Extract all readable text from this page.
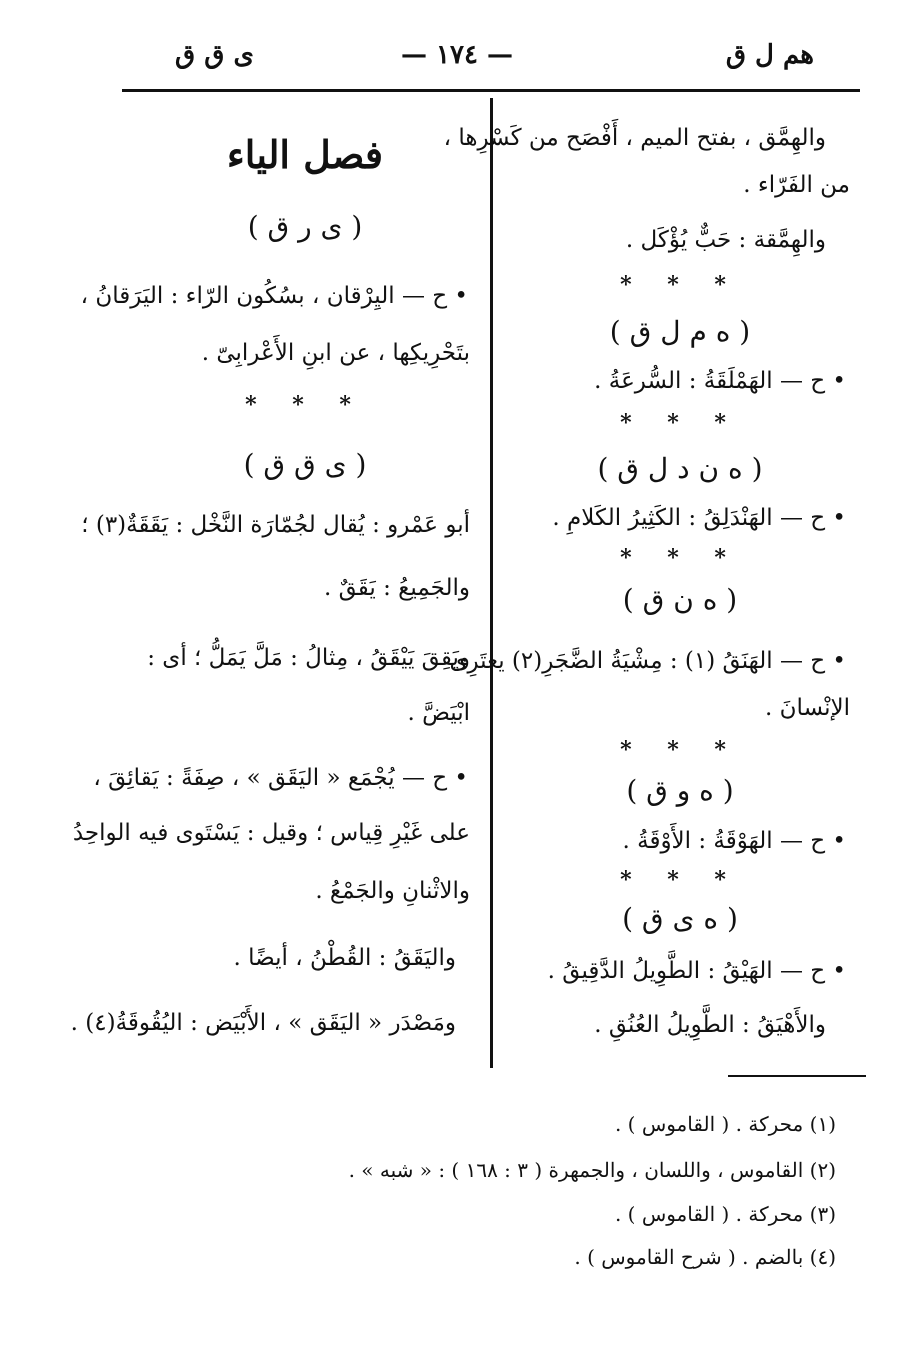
هم ل ق
— ١٧٤ —
ى ق ق
والهِمَّق ، بفتح الميم ، أَفْصَح من كَسْرِها ،
من الفَرّاء .
والهِمَّقة : حَبٌّ يُؤْكَل .
* * *
( ه م ل ق )
• ح — الهَمْلَقَةُ : السُّرعَةُ .
* * *
( ه ن د ل ق )
• ح — الهَنْدَلِقُ : الكَثِيرُ الكَلامِ .
* * *
( ه ن ق )
• ح — الهَنَقُ (١) : مِشْيَةُ الضَّجَرِ(٢) يعتَرِى
الإنْسانَ .
* * *
( ه و ق )
• ح — الهَوْقَةُ : الأَوْقَةُ .
* * *
( ه ى ق )
• ح — الهَيْقُ : الطَّوِيلُ الدَّقِيقُ .
والأَهْيَقُ : الطَّوِيلُ العُنُقِ .
فصل الياء
( ى ر ق )
• ح — اليِرْقان ، بسُكُون الرّاء : اليَرَقانُ ،
بتَحْرِيكِها ، عن ابنِ الأَعْرابِىّ .
* * *
( ى ق ق )
أبو عَمْرو : يُقال لجُمّارَة النَّخْل : يَقَقَةٌ(٣) ؛
والجَمِيعُ : يَقَقٌ .
ويَقِقَ يَيْقَقُ ، مِثالُ : مَلَّ يَمَلُّ ؛ أى :
ابْيَضَّ .
• ح — يُجْمَع « اليَقَق » ، صِفَةً : يَقائِقَ ،
على غَيْرِ قِياس ؛ وقيل : يَسْتَوى فيه الواحِدُ
والاثْنانِ والجَمْعُ .
واليَقَقُ : القُطْنُ ، أيضًا .
ومَصْدَر « اليَقَق » ، الأَبْيَض : اليُقُوقَةُ(٤) .
(١) محركة . ( القاموس ) .
(٢) القاموس ، واللسان ، والجمهرة ( ٣ : ١٦٨ ) : « شبه » .
(٣) محركة . ( القاموس ) .
(٤) بالضم . ( شرح القاموس ) .
